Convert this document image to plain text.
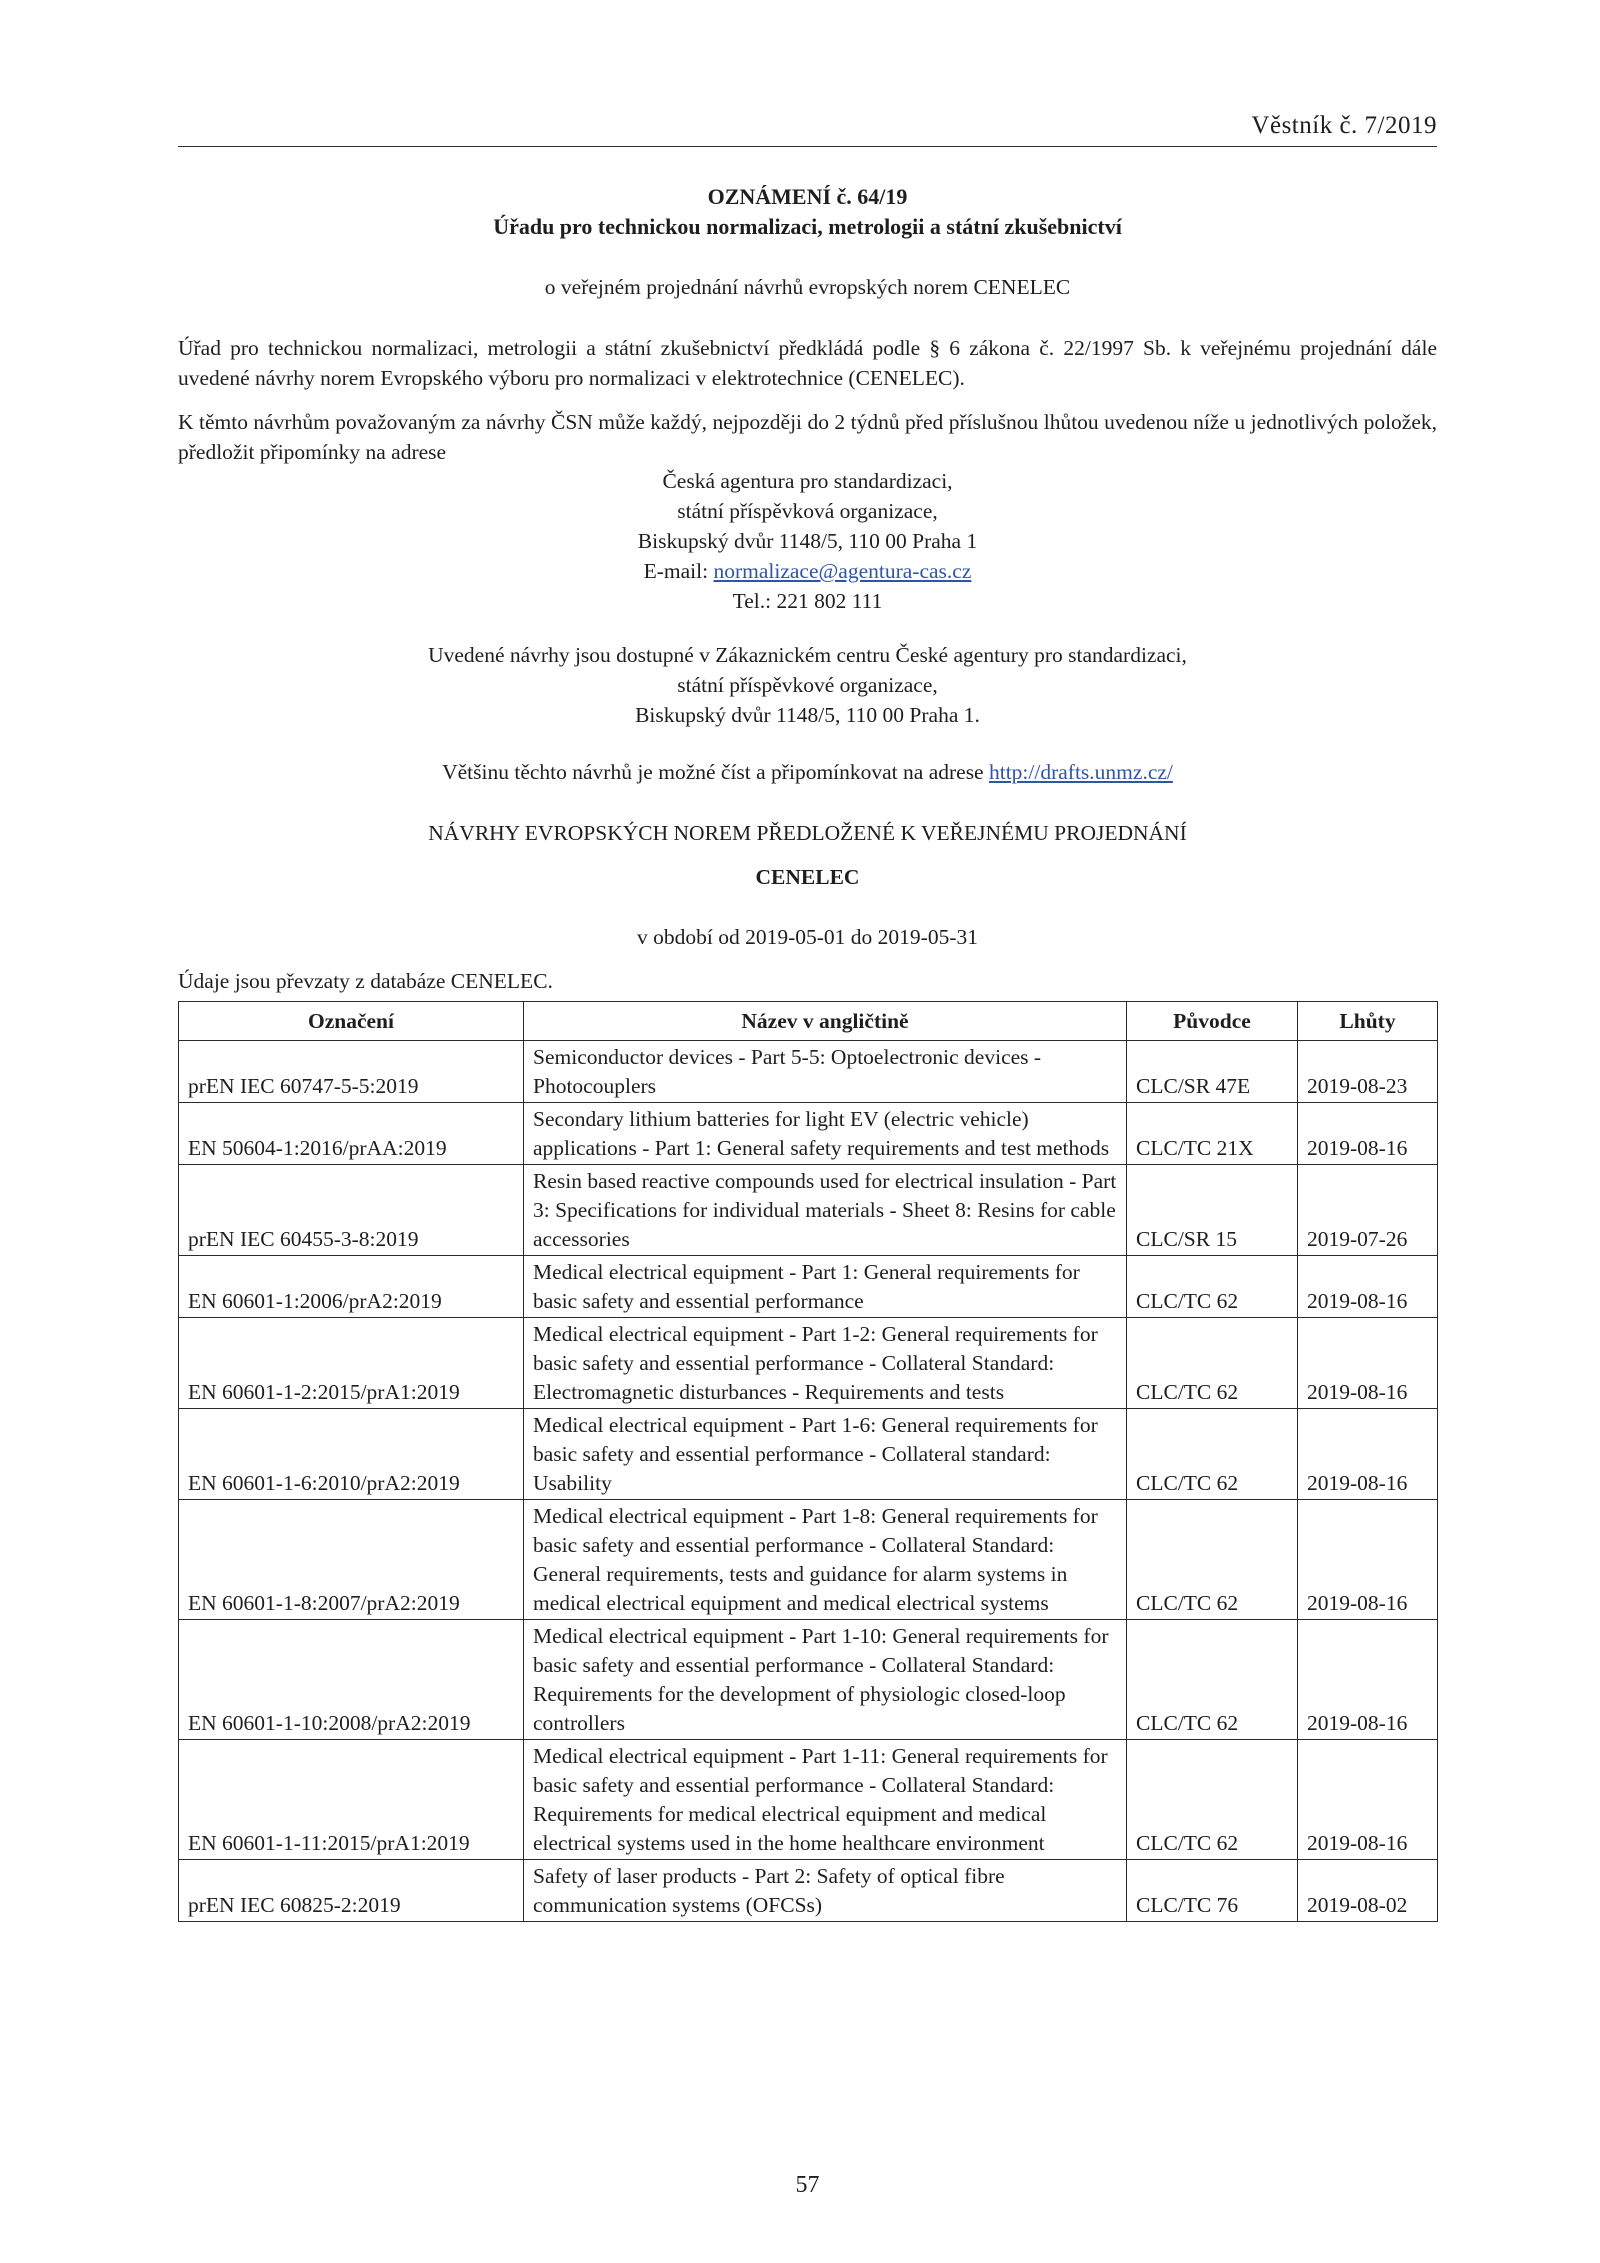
Věstník č. 7/2019
OZNÁMENÍ č. 64/19
Úřadu pro technickou normalizaci, metrologii a státní zkušebnictví
o veřejném projednání návrhů evropských norem CENELEC
Úřad pro technickou normalizaci, metrologii a státní zkušebnictví předkládá podle § 6 zákona č. 22/1997 Sb. k veřejnému projednání dále uvedené návrhy norem Evropského výboru pro normalizaci v elektrotechnice (CENELEC).
K těmto návrhům považovaným za návrhy ČSN může každý, nejpozději do 2 týdnů před příslušnou lhůtou uvedenou níže u jednotlivých položek, předložit připomínky na adrese
Česká agentura pro standardizaci,
státní příspěvková organizace,
Biskupský dvůr 1148/5, 110 00 Praha 1
E-mail: normalizace@agentura-cas.cz
Tel.: 221 802 111
Uvedené návrhy jsou dostupné v Zákaznickém centru České agentury pro standardizaci,
státní příspěvkové organizace,
Biskupský dvůr 1148/5, 110 00 Praha 1.
Většinu těchto návrhů je možné číst a připomínkovat na adrese http://drafts.unmz.cz/
NÁVRHY EVROPSKÝCH NOREM PŘEDLOŽENÉ K VEŘEJNÉMU PROJEDNÁNÍ
CENELEC
v období od 2019-05-01 do 2019-05-31
Údaje jsou převzaty z databáze CENELEC.
Označení	Název v angličtině	Původce	Lhůty
prEN IEC 60747-5-5:2019	Semiconductor devices - Part 5-5: Optoelectronic devices - Photocouplers	CLC/SR 47E	2019-08-23
EN 50604-1:2016/prAA:2019	Secondary lithium batteries for light EV (electric vehicle) applications - Part 1: General safety requirements and test methods	CLC/TC 21X	2019-08-16
prEN IEC 60455-3-8:2019	Resin based reactive compounds used for electrical insulation - Part 3: Specifications for individual materials - Sheet 8: Resins for cable accessories	CLC/SR 15	2019-07-26
EN 60601-1:2006/prA2:2019	Medical electrical equipment - Part 1: General requirements for basic safety and essential performance	CLC/TC 62	2019-08-16
EN 60601-1-2:2015/prA1:2019	Medical electrical equipment - Part 1-2: General requirements for basic safety and essential performance - Collateral Standard: Electromagnetic disturbances - Requirements and tests	CLC/TC 62	2019-08-16
EN 60601-1-6:2010/prA2:2019	Medical electrical equipment - Part 1-6: General requirements for basic safety and essential performance - Collateral standard: Usability	CLC/TC 62	2019-08-16
EN 60601-1-8:2007/prA2:2019	Medical electrical equipment - Part 1-8: General requirements for basic safety and essential performance - Collateral Standard: General requirements, tests and guidance for alarm systems in medical electrical equipment and medical electrical systems	CLC/TC 62	2019-08-16
EN 60601-1-10:2008/prA2:2019	Medical electrical equipment - Part 1-10: General requirements for basic safety and essential performance - Collateral Standard: Requirements for the development of physiologic closed-loop controllers	CLC/TC 62	2019-08-16
EN 60601-1-11:2015/prA1:2019	Medical electrical equipment - Part 1-11: General requirements for basic safety and essential performance - Collateral Standard: Requirements for medical electrical equipment and medical electrical systems used in the home healthcare environment	CLC/TC 62	2019-08-16
prEN IEC 60825-2:2019	Safety of laser products - Part 2: Safety of optical fibre communication systems (OFCSs)	CLC/TC 76	2019-08-02
57
